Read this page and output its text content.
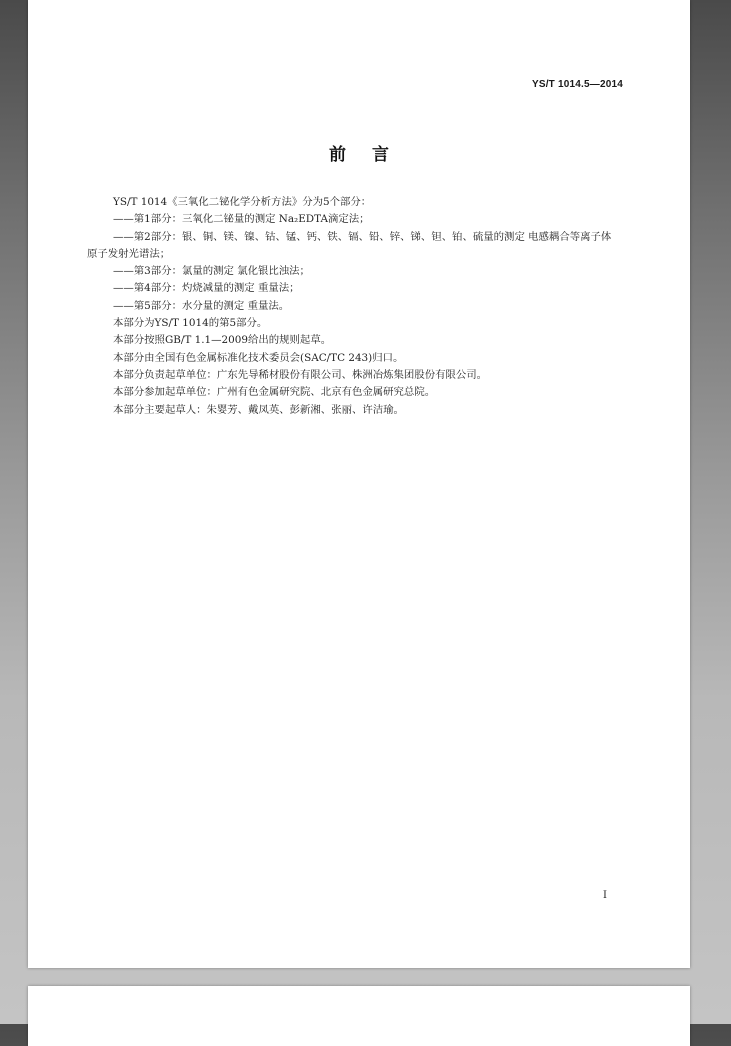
YS/T 1014.5—2014
前言

YS/T 1014《三氧化二铋化学分析方法》分为5个部分：

——第1部分：三氧化二铋量的测定 Na₂EDTA滴定法；

——第2部分：银、铜、镁、镍、钴、锰、钙、铁、镉、铅、锌、锑、钽、铂、硫量的测定 电感耦合等离子体

原子发射光谱法；

——第3部分：氯量的测定 氯化银比浊法；

——第4部分：灼烧减量的测定 重量法；

——第5部分：水分量的测定 重量法。

本部分为YS/T 1014的第5部分。

本部分按照GB/T 1.1—2009给出的规则起草。

本部分由全国有色金属标准化技术委员会(SAC/TC 243)归口。

本部分负责起草单位：广东先导稀材股份有限公司、株洲冶炼集团股份有限公司。

本部分参加起草单位：广州有色金属研究院、北京有色金属研究总院。

本部分主要起草人：朱婴芳、戴凤英、彭新湘、张丽、许洁瑜。

I
